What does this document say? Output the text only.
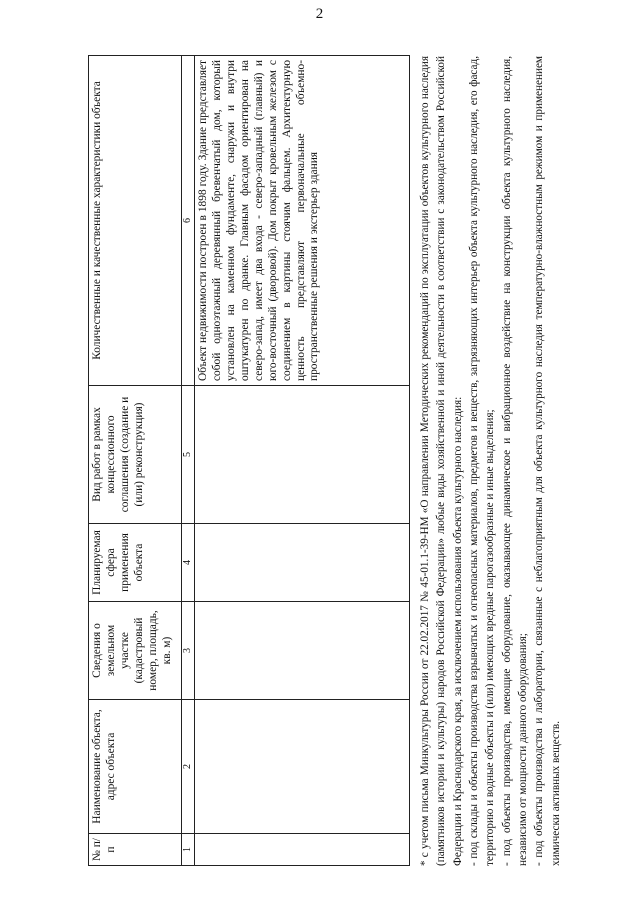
2
№ п/п	Наименование объекта, адрес объекта	Сведения о земельном участке (кадастровый номер, площадь, кв. м)	Планируемая сфера применения объекта	Вид работ в рамках концессионного соглашения (создание и (или) реконструкция)	Количественные и качественные характеристики объекта
1	2	3	4	5	6
					Объект недвижимости построен в 1898 году. Здание представляет собой одноэтажный деревянный бревенчатый дом, который установлен на каменном фундаменте, снаружи и внутри оштукатурен по дранке. Главным фасадом ориентирован на северо-запад, имеет два входа - северо-западный (главный) и юго-восточный (дворовой). Дом покрыт кровельным железом с соединением в картины стоячим фальцем. Архитектурную ценность представляют первоначальные объемно-пространственные решения и экстерьер здания	* с учетом письма Минкультуры России от 22.02.2017 № 45-01.1-39-НМ «О направлении Методических рекомендаций по эксплуатации объектов культурного наследия (памятников истории и культуры) народов Российской Федерации» любые виды хозяйственной и иной деятельности в соответствии с законодательством Российской Федерации и Краснодарского края, за исключением использования объекта культурного наследия: - под склады и объекты производства взрывчатых и огнеопасных материалов, предметов и веществ, загрязняющих интерьер объекта культурного наследия, его фасад, территорию и водные объекты и (или) имеющих вредные парогазообразные и иные выделения; - под объекты производства, имеющие оборудование, оказывающее динамическое и вибрационное воздействие на конструкции объекта культурного наследия, независимо от мощности данного оборудования; - под объекты производства и лаборатории, связанные с неблагоприятным для объекта культурного наследия температурно-влажностным режимом и применением химически активных веществ.
